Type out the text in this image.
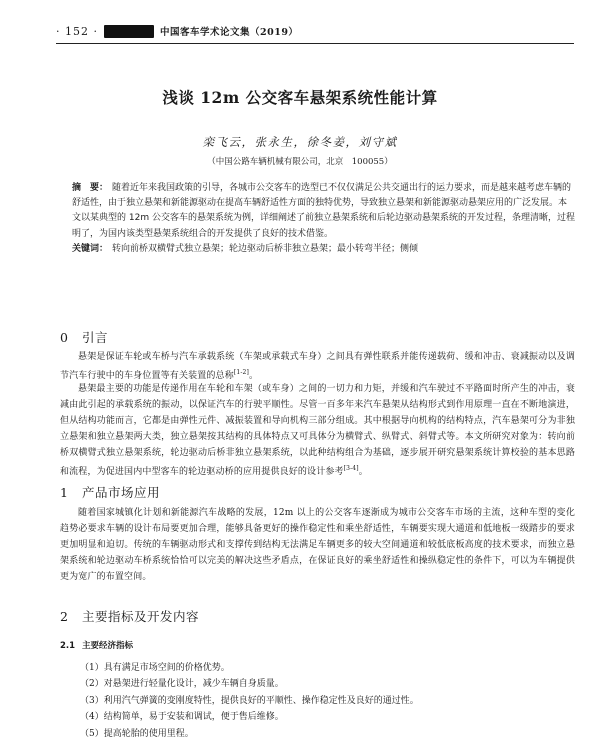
· 152 ·	中国客车学术论文集（2019）
浅谈 12m 公交客车悬架系统性能计算
栾飞云，张永生，徐冬姜，刘守斌
（中国公路车辆机械有限公司，北京　100055）
摘　要： 随着近年来我国政策的引导，各城市公交客车的选型已不仅仅满足公共交通出行的运力要求，而是越来越考虑车辆的舒适性，由于独立悬架和新能源驱动在提高车辆舒适性方面的独特优势，导致独立悬架和新能源驱动悬架应用的广泛发展。本文以某典型的 12m 公交客车的悬架系统为例，详细阐述了前独立悬架系统和后轮边驱动悬架系统的开发过程，条理清晰，过程明了，为国内该类型悬架系统组合的开发提供了良好的技术借鉴。
关键词： 转向前桥双横臂式独立悬架；轮边驱动后桥非独立悬架；最小转弯半径；侧倾
0 引言
悬架是保证车轮或车桥与汽车承载系统（车架或承载式车身）之间具有弹性联系并能传递载荷、缓和冲击、衰减振动以及调节汽车行驶中的车身位置等有关装置的总称[1-2]。
悬架最主要的功能是传递作用在车轮和车架（或车身）之间的一切力和力矩，并缓和汽车驶过不平路面时所产生的冲击，衰减由此引起的承载系统的振动，以保证汽车的行驶平顺性。尽管一百多年来汽车悬架从结构形式到作用原理一直在不断地演进，但从结构功能而言，它都是由弹性元件、减振装置和导向机构三部分组成。其中根据导向机构的结构特点，汽车悬架可分为非独立悬架和独立悬架两大类，独立悬架按其结构的具体特点又可具体分为横臂式、纵臂式、斜臂式等。本文所研究对象为：转向前桥双横臂式独立悬架系统，轮边驱动后桥非独立悬架系统，以此种结构组合为基础，逐步展开研究悬架系统计算校验的基本思路和流程，为促进国内中型客车的轮边驱动桥的应用提供良好的设计参考[3-4]。
1 产品市场应用
随着国家城镇化计划和新能源汽车战略的发展，12m 以上的公交客车逐渐成为城市公交客车市场的主流，这种车型的变化趋势必要求车辆的设计布局要更加合理，能够具备更好的操作稳定性和乘坐舒适性，车辆要实现大通道和低地板一级踏步的要求更加明显和迫切。传统的车辆驱动形式和支撑传到结构无法满足车辆更多的较大空间通道和较低底板高度的技术要求，而独立悬架系统和轮边驱动车桥系统恰恰可以完美的解决这些矛盾点，在保证良好的乘坐舒适性和操纵稳定性的条件下，可以为车辆提供更为宽广的布置空间。
2 主要指标及开发内容
2.1 主要经济指标
（1）具有满足市场空间的价格优势。
（2）对悬架进行轻量化设计，减少车辆自身质量。
（3）利用汽气弹簧的变刚度特性，提供良好的平顺性、操作稳定性及良好的通过性。
（4）结构简单，易于安装和调试，便于售后维修。
（5）提高轮胎的使用里程。
